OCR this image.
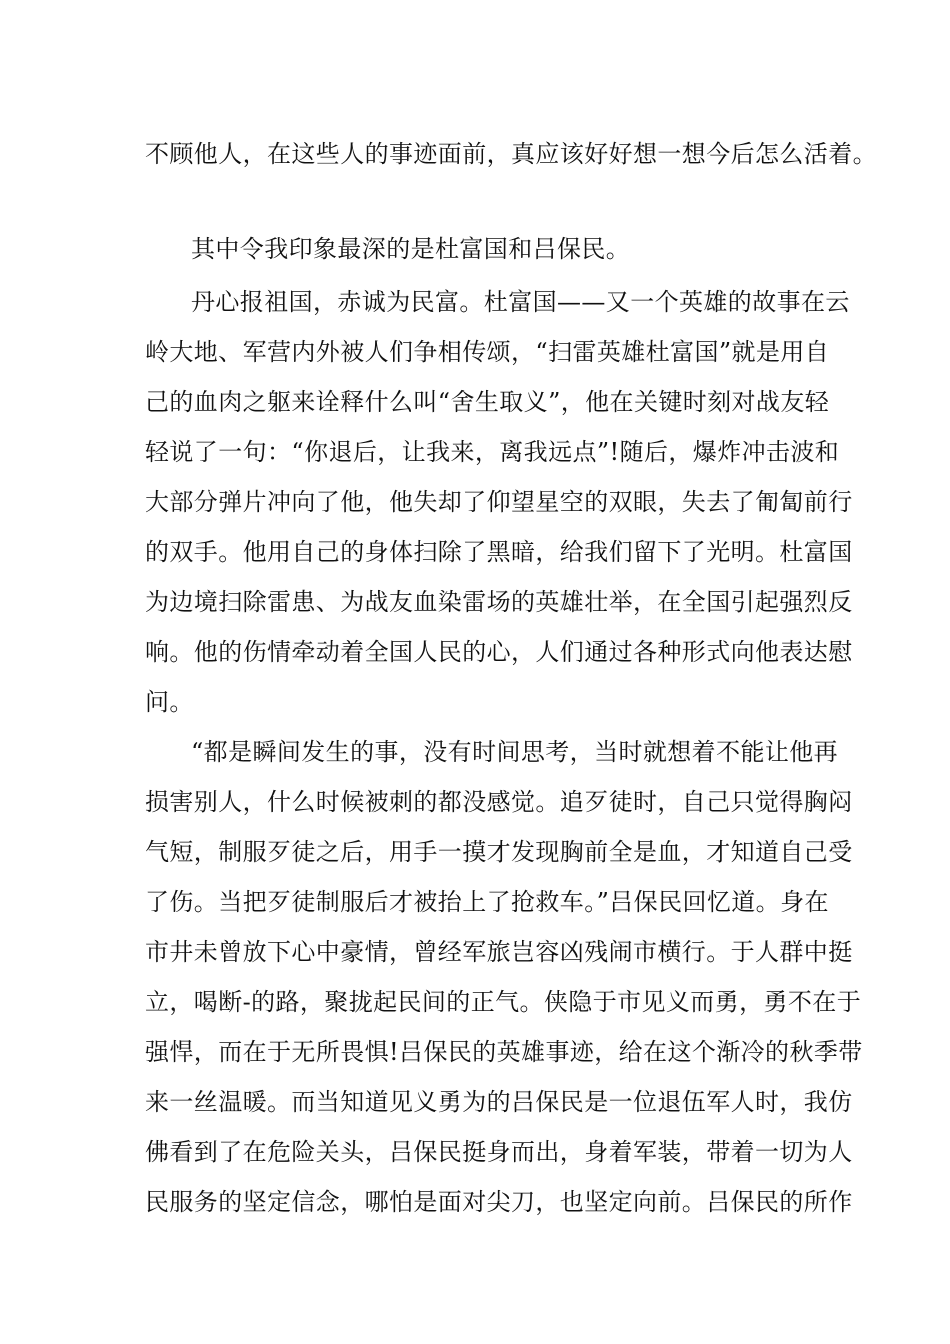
不顾他人，在这些人的事迹面前，真应该好好想一想今后怎么活着。
其中令我印象最深的是杜富国和吕保民。
丹心报祖国，赤诚为民富。杜富国——又一个英雄的故事在云
岭大地、军营内外被人们争相传颂，“扫雷英雄杜富国”就是用自
己的血肉之躯来诠释什么叫“舍生取义”，他在关键时刻对战友轻
轻说了一句：“你退后，让我来，离我远点”!随后，爆炸冲击波和
大部分弹片冲向了他，他失却了仰望星空的双眼，失去了匍匐前行
的双手。他用自己的身体扫除了黑暗，给我们留下了光明。杜富国
为边境扫除雷患、为战友血染雷场的英雄壮举，在全国引起强烈反
响。他的伤情牵动着全国人民的心，人们通过各种形式向他表达慰
问。
“都是瞬间发生的事，没有时间思考，当时就想着不能让他再
损害别人，什么时候被刺的都没感觉。追歹徒时，自己只觉得胸闷
气短，制服歹徒之后，用手一摸才发现胸前全是血，才知道自己受
了伤。当把歹徒制服后才被抬上了抢救车。”吕保民回忆道。身在
市井未曾放下心中豪情，曾经军旅岂容凶残闹市横行。于人群中挺
立，喝断-的路，聚拢起民间的正气。侠隐于市见义而勇，勇不在于
强悍，而在于无所畏惧!吕保民的英雄事迹，给在这个渐冷的秋季带
来一丝温暖。而当知道见义勇为的吕保民是一位退伍军人时，我仿
佛看到了在危险关头，吕保民挺身而出，身着军装，带着一切为人
民服务的坚定信念，哪怕是面对尖刀，也坚定向前。吕保民的所作
